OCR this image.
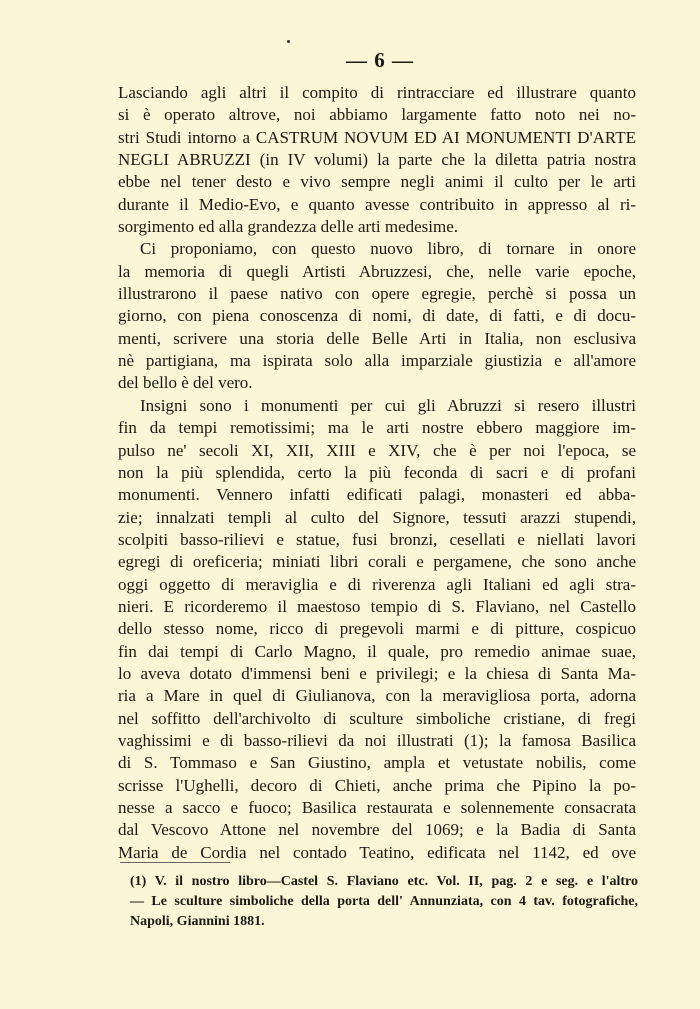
— 6 —
Lasciando agli altri il compito di rintracciare ed illustrare quanto
si è operato altrove, noi abbiamo largamente fatto noto nei no-
stri Studi intorno a CASTRUM NOVUM ED AI MONUMENTI D'ARTE
NEGLI ABRUZZI (in IV volumi) la parte che la diletta patria nostra
ebbe nel tener desto e vivo sempre negli animi il culto per le arti
durante il Medio-Evo, e quanto avesse contribuito in appresso al ri-
sorgimento ed alla grandezza delle arti medesime.
Ci proponiamo, con questo nuovo libro, di tornare in onore
la memoria di quegli Artisti Abruzzesi, che, nelle varie epoche,
illustrarono il paese nativo con opere egregie, perchè si possa un
giorno, con piena conoscenza di nomi, di date, di fatti, e di docu-
menti, scrivere una storia delle Belle Arti in Italia, non esclusiva
nè partigiana, ma ispirata solo alla imparziale giustizia e all'amore
del bello è del vero.
Insigni sono i monumenti per cui gli Abruzzi si resero illustri
fin da tempi remotissimi; ma le arti nostre ebbero maggiore im-
pulso ne' secoli XI, XII, XIII e XIV, che è per noi l'epoca, se
non la più splendida, certo la più feconda di sacri e di profani
monumenti. Vennero infatti edificati palagi, monasteri ed abba-
zie; innalzati templi al culto del Signore, tessuti arazzi stupendi,
scolpiti basso-rilievi e statue, fusi bronzi, cesellati e niellati lavori
egregi di oreficeria; miniati libri corali e pergamene, che sono anche
oggi oggetto di meraviglia e di riverenza agli Italiani ed agli stra-
nieri. E ricorderemo il maestoso tempio di S. Flaviano, nel Castello
dello stesso nome, ricco di pregevoli marmi e di pitture, cospicuo
fin dai tempi di Carlo Magno, il quale, pro remedio animae suae,
lo aveva dotato d'immensi beni e privilegi; e la chiesa di Santa Ma-
ria a Mare in quel di Giulianova, con la meravigliosa porta, adorna
nel soffitto dell'archivolto di sculture simboliche cristiane, di fregi
vaghissimi e di basso-rilievi da noi illustrati (1); la famosa Basilica
di S. Tommaso e San Giustino, ampla et vetustate nobilis, come
scrisse l'Ughelli, decoro di Chieti, anche prima che Pipino la po-
nesse a sacco e fuoco; Basilica restaurata e solennemente consacrata
dal Vescovo Attone nel novembre del 1069; e la Badia di Santa
Maria de Cordia nel contado Teatino, edificata nel 1142, ed ove
(1) V. il nostro libro—Castel S. Flaviano etc. Vol. II, pag. 2 e seg. e l'altro
— Le sculture simboliche della porta dell' Annunziata, con 4 tav. fotografiche,
Napoli, Giannini 1881.
